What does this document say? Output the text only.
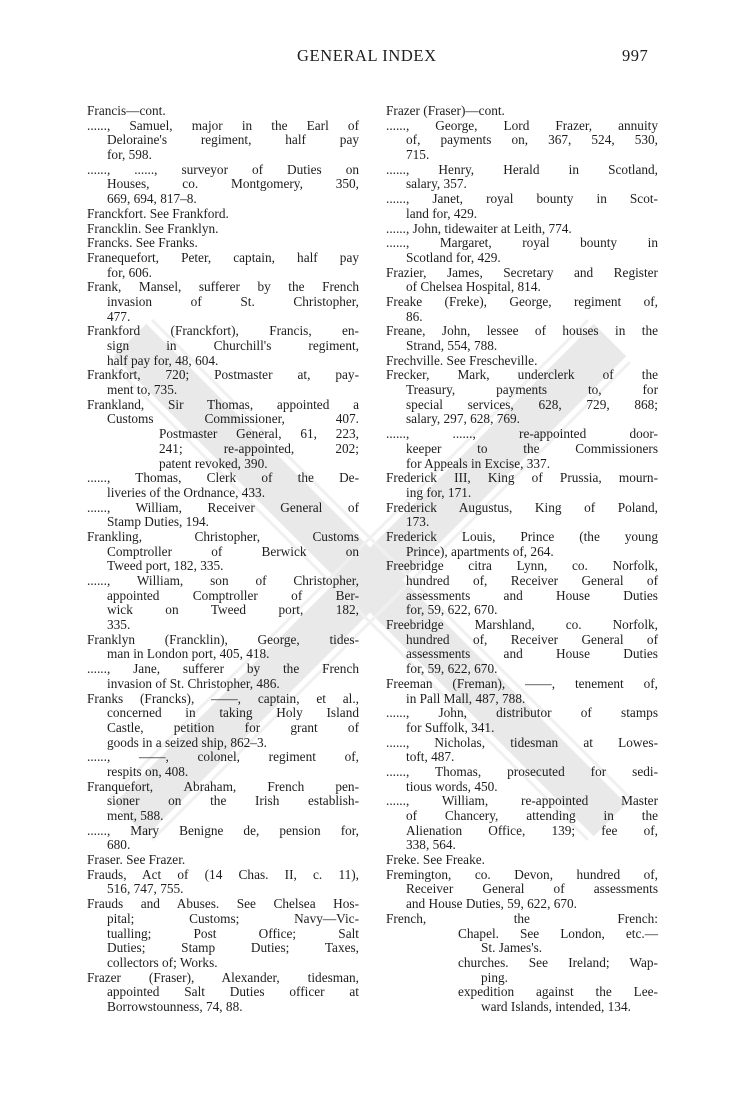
GENERAL INDEX	997
Francis—cont.
......, Samuel, major in the Earl of
Deloraine's regiment, half pay
for, 598.
......, ......, surveyor of Duties on
Houses, co. Montgomery, 350,
669, 694, 817–8.
Franckfort. See Frankford.
Francklin. See Franklyn.
Francks. See Franks.
Franequefort, Peter, captain, half pay
for, 606.
Frank, Mansel, sufferer by the French
invasion of St. Christopher,
477.
Frankford (Franckfort), Francis, en-
sign in Churchill's regiment,
half pay for, 48, 604.
Frankfort, 720; Postmaster at, pay-
ment to, 735.
Frankland, Sir Thomas, appointed a
Customs Commissioner, 407.
Postmaster General, 61, 223,
241; re-appointed, 202;
patent revoked, 390.
......, Thomas, Clerk of the De-
liveries of the Ordnance, 433.
......, William, Receiver General of
Stamp Duties, 194.
Frankling, Christopher, Customs
Comptroller of Berwick on
Tweed port, 182, 335.
......, William, son of Christopher,
appointed Comptroller of Ber-
wick on Tweed port, 182,
335.
Franklyn (Francklin), George, tides-
man in London port, 405, 418.
......, Jane, sufferer by the French
invasion of St. Christopher, 486.
Franks (Francks), ——, captain, et al.,
concerned in taking Holy Island
Castle, petition for grant of
goods in a seized ship, 862–3.
......, ——, colonel, regiment of,
respits on, 408.
Franquefort, Abraham, French pen-
sioner on the Irish establish-
ment, 588.
......, Mary Benigne de, pension for,
680.
Fraser. See Frazer.
Frauds, Act of (14 Chas. II, c. 11),
516, 747, 755.
Frauds and Abuses. See Chelsea Hos-
pital; Customs; Navy—Vic-
tualling; Post Office; Salt
Duties; Stamp Duties; Taxes,
collectors of; Works.
Frazer (Fraser), Alexander, tidesman,
appointed Salt Duties officer at
Borrowstounness, 74, 88.
Frazer (Fraser)—cont.
......, George, Lord Frazer, annuity
of, payments on, 367, 524, 530,
715.
......, Henry, Herald in Scotland,
salary, 357.
......, Janet, royal bounty in Scot-
land for, 429.
......, John, tidewaiter at Leith, 774.
......, Margaret, royal bounty in
Scotland for, 429.
Frazier, James, Secretary and Register
of Chelsea Hospital, 814.
Freake (Freke), George, regiment of,
86.
Freane, John, lessee of houses in the
Strand, 554, 788.
Frechville. See Frescheville.
Frecker, Mark, underclerk of the
Treasury, payments to, for
special services, 628, 729, 868;
salary, 297, 628, 769.
......, ......, re-appointed door-
keeper to the Commissioners
for Appeals in Excise, 337.
Frederick III, King of Prussia, mourn-
ing for, 171.
Frederick Augustus, King of Poland,
173.
Frederick Louis, Prince (the young
Prince), apartments of, 264.
Freebridge citra Lynn, co. Norfolk,
hundred of, Receiver General of
assessments and House Duties
for, 59, 622, 670.
Freebridge Marshland, co. Norfolk,
hundred of, Receiver General of
assessments and House Duties
for, 59, 622, 670.
Freeman (Freman), ——, tenement of,
in Pall Mall, 487, 788.
......, John, distributor of stamps
for Suffolk, 341.
......, Nicholas, tidesman at Lowes-
toft, 487.
......, Thomas, prosecuted for sedi-
tious words, 450.
......, William, re-appointed Master
of Chancery, attending in the
Alienation Office, 139; fee of,
338, 564.
Freke. See Freake.
Fremington, co. Devon, hundred of,
Receiver General of assessments
and House Duties, 59, 622, 670.
French, the French:
Chapel. See London, etc.—
St. James's.
churches. See Ireland; Wap-
ping.
expedition against the Lee-
ward Islands, intended, 134.
